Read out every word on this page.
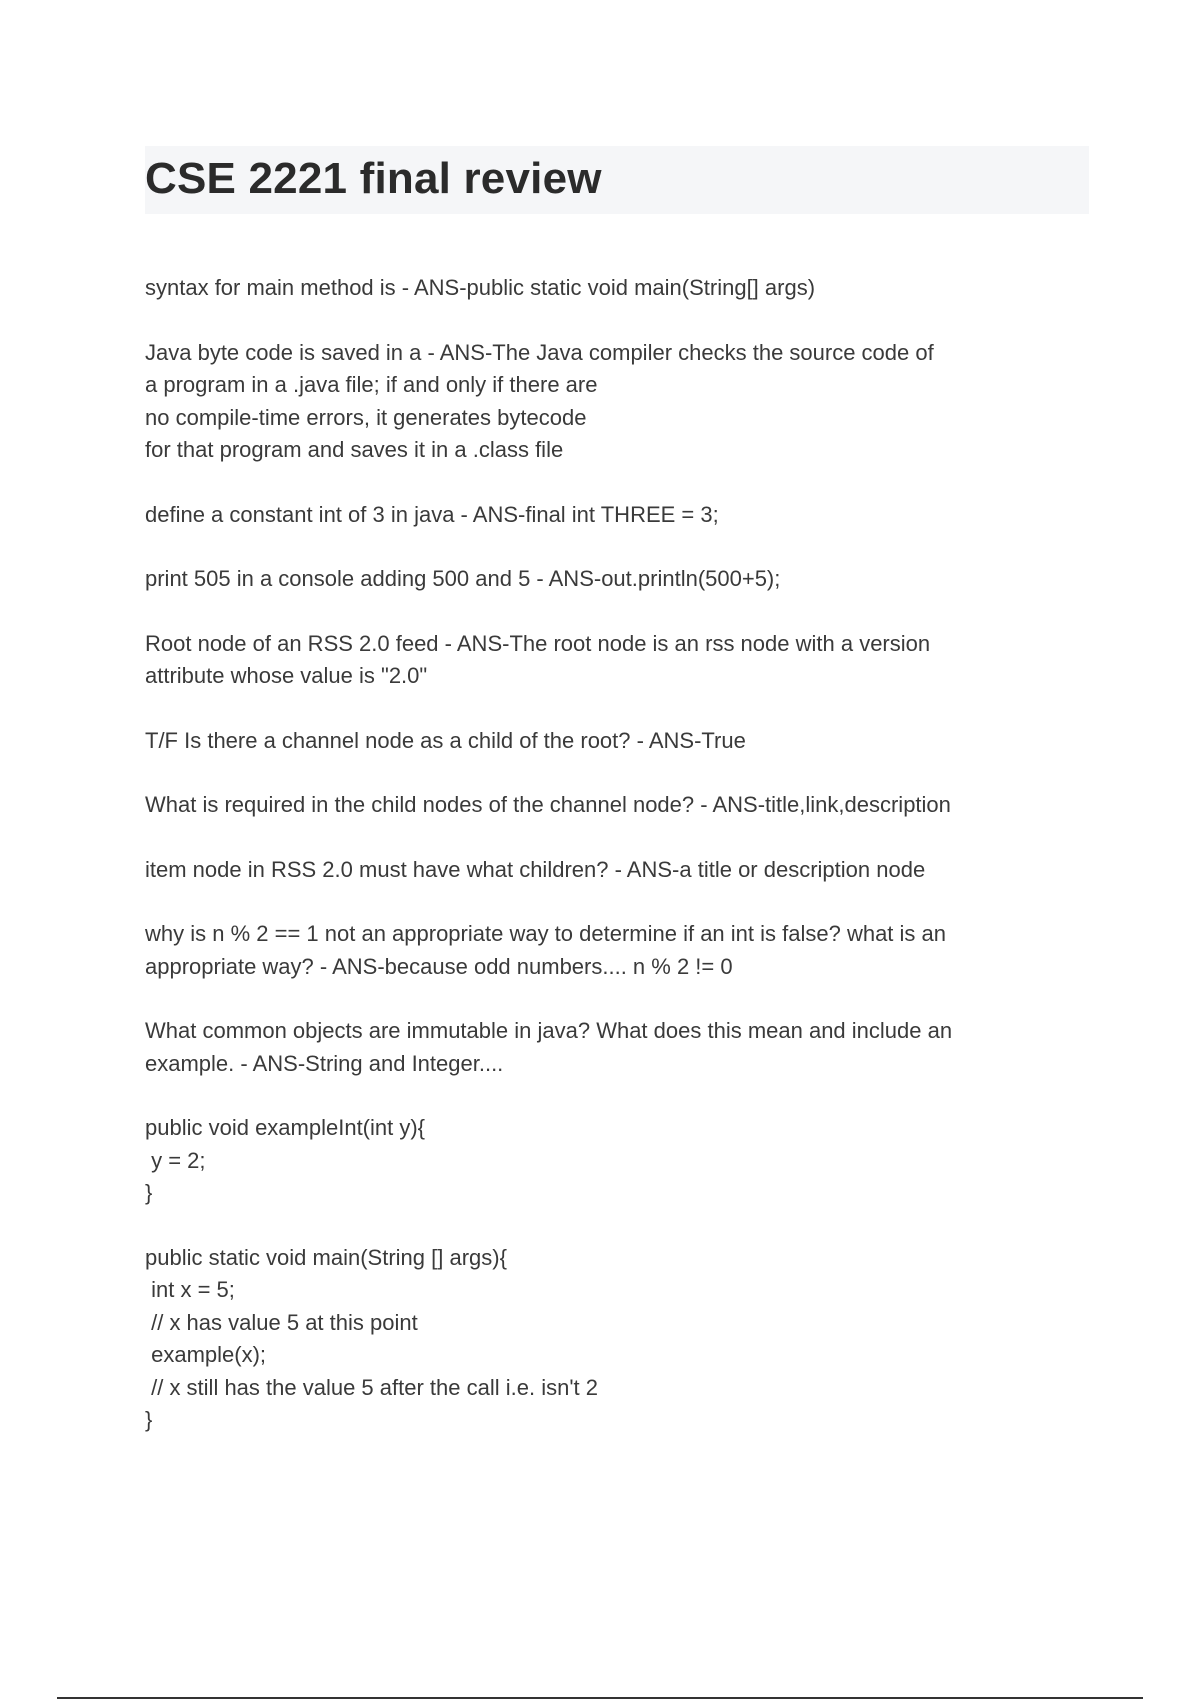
CSE 2221 final review

syntax for main method is - ANS-public static void main(String[] args)

Java byte code is saved in a - ANS-The Java compiler checks the source code of
a program in a .java file; if and only if there are
no compile-time errors, it generates bytecode
for that program and saves it in a .class file

define a constant int of 3 in java - ANS-final int THREE = 3;

print 505 in a console adding 500 and 5 - ANS-out.println(500+5);

Root node of an RSS 2.0 feed - ANS-The root node is an rss node with a version
attribute whose value is "2.0"

T/F Is there a channel node as a child of the root? - ANS-True

What is required in the child nodes of the channel node? - ANS-title,link,description

item node in RSS 2.0 must have what children? - ANS-a title or description node

why is n % 2 == 1 not an appropriate way to determine if an int is false? what is an
appropriate way? - ANS-because odd numbers.... n % 2 != 0

What common objects are immutable in java? What does this mean and include an
example. - ANS-String and Integer....

public void exampleInt(int y){
y = 2;
}
public static void main(String [] args){
int x = 5;
// x has value 5 at this point
example(x);
// x still has the value 5 after the call i.e. isn't 2
}
